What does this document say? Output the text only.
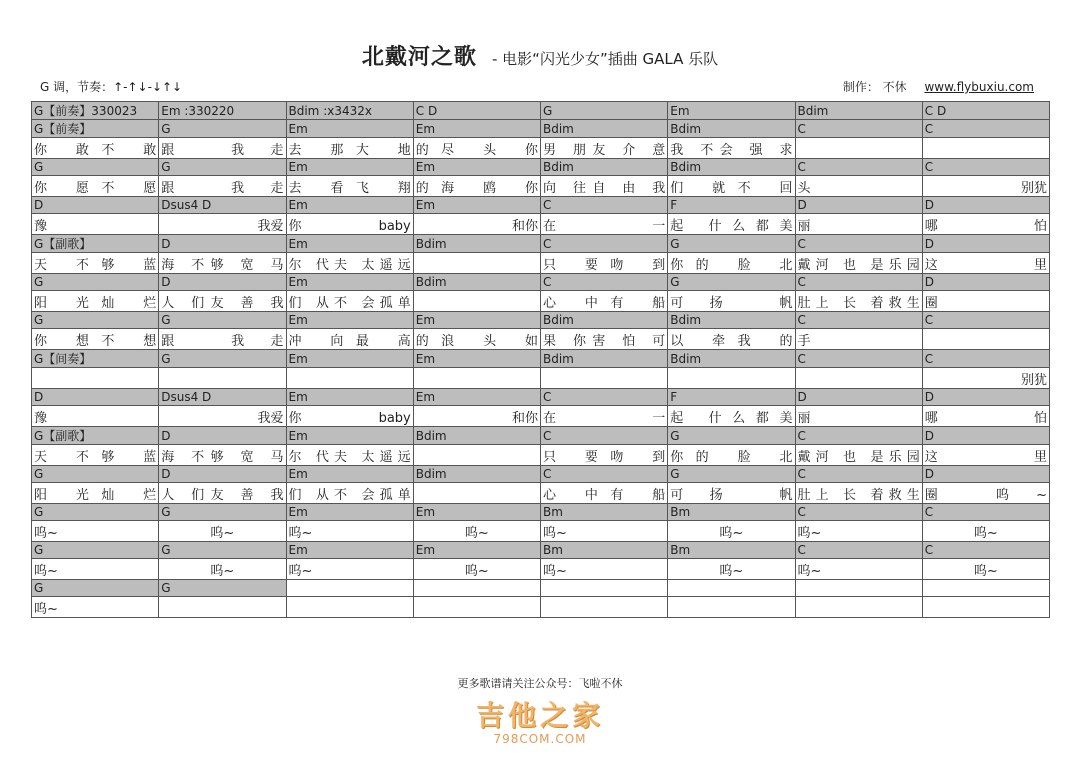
北戴河之歌 - 电影“闪光少女”插曲 GALA 乐队
G 调，节奏：↑-↑↓-↓↑↓	制作： 不休 www.flybuxiu.com
G【前奏】330023	Em :330220	Bdim :x3432x	C D	G	Em	Bdim	C D
G【前奏】	G	Em	Em	Bdim	Bdim	C	C

你 敢不 敢	跟 我走	去 那大 地	的尽 头 你	男 朋友 介 意	我 不会 强 求		

G	G	Em	Em	Bdim	Bdim	C	C

你 愿不 愿	跟 我走	去 看飞 翔	的海 鸥 你	向 往自 由 我	们 就不 回	头	别犹

D	Dsus4 D	Em	Em	C	F	D	D

豫	我爱	你 baby	和你	在 一	起 什么都美	丽	哪 怕

G【副歌】	D	Em	Bdim	C	G	C	D

天 不够 蓝	海 不够 宽 马	尔 代夫 太遥远		只 要吻 到	你的 脸 北	戴河 也 是乐园	这 里

G	D	Em	Bdim	C	G	C	D

阳 光灿 烂	人 们友 善 我	们 从不 会孤单		心 中有 船	可扬 帆	肚上 长 着救生	圈

G	G	Em	Em	Bdim	Bdim	C	C

你 想不 想	跟 我走	冲 向最 高	的浪 头 如	果 你害 怕 可	以 牵我 的	手	

G【间奏】	G	Em	Em	Bdim	Bdim	C	C

							别犹

D	Dsus4 D	Em	Em	C	F	D	D

豫	我爱	你 baby	和你	在 一	起 什么都美	丽	哪 怕

G【副歌】	D	Em	Bdim	C	G	C	D

天 不够 蓝	海 不够 宽 马	尔 代夫 太遥远		只 要吻 到	你的 脸 北	戴河 也 是乐园	这 里

G	D	Em	Bdim	C	G	C	D

阳 光灿 烂	人 们友 善 我	们 从不 会孤单		心 中有 船	可扬 帆	肚上 长 着救生	圈 呜~

G	G	Em	Em	Bm	Bm	C	C

呜~	呜~	呜~	呜~	呜~	呜~	呜~	呜~

G	G	Em	Em	Bm	Bm	C	C

呜~	呜~	呜~	呜~	呜~	呜~	呜~	呜~

G	G						

呜~							

更多歌谱请关注公众号：飞啦不休
吉他之家
798COM.COM
